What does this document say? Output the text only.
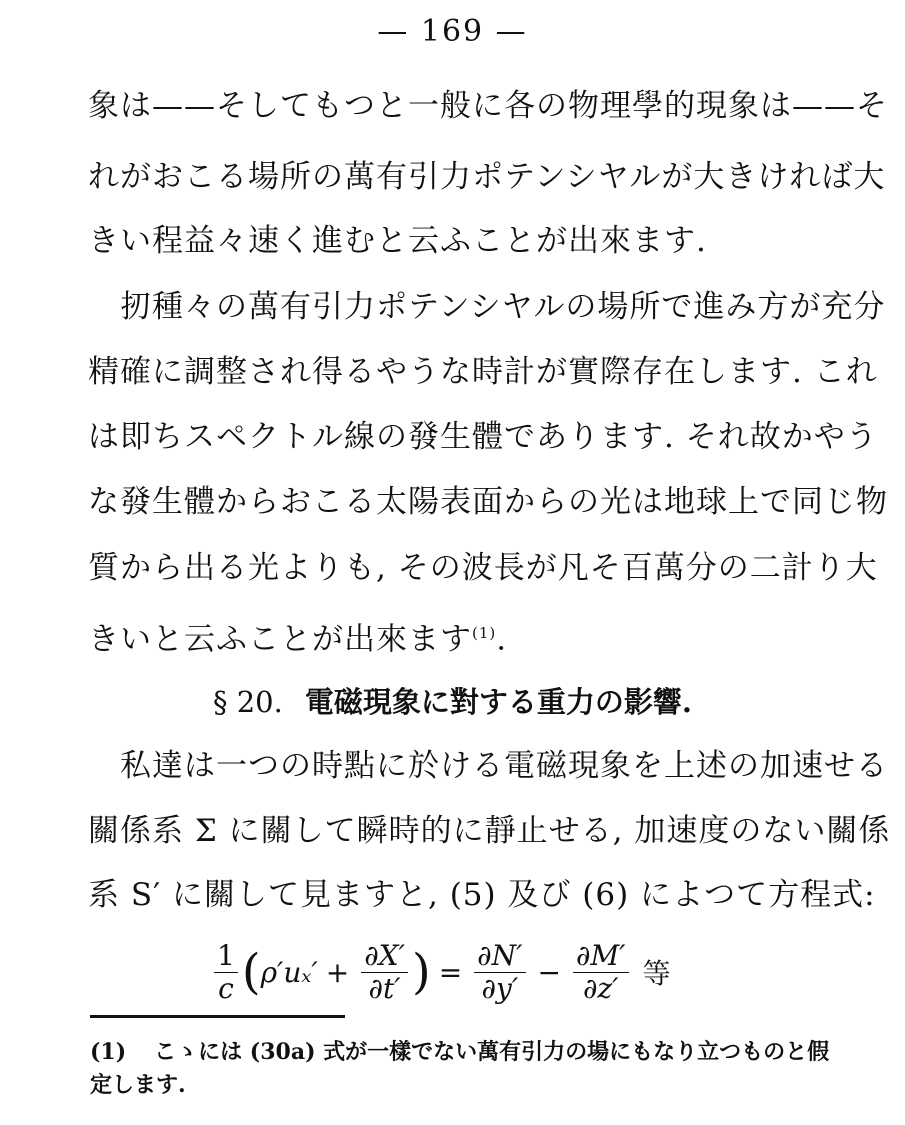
— 169 —
象は——そしてもつと一般に各の物理學的現象は——そ
れがおこる場所の萬有引力ポテンシヤルが大きければ大
きい程益々速く進むと云ふことが出來ます.
扨種々の萬有引力ポテンシヤルの場所で進み方が充分
精確に調整され得るやうな時計が實際存在します. これ
は即ちスペクトル線の發生體であります. それ故かやう
な發生體からおこる太陽表面からの光は地球上で同じ物
質から出る光よりも, その波長が凡そ百萬分の二計り大
きいと云ふことが出來ます$^{(1)}$.
§ 20. 電磁現象に對する重力の影響.
私達は一つの時點に於ける電磁現象を上述の加速せる
關係系 Σ に關して瞬時的に靜止せる, 加速度のない關係
系 S′ に關して見ますと, (5) 及び (6) によつて方程式:
$\frac{1}{c}$ ( $\rho'u_x' + \frac{\partial X'}{\partial t'}$ ) = $\frac{\partial N'}{\partial y'} - \frac{\partial M'}{\partial z'}$ 等
(1) こゝには (30a) 式が一樣でない萬有引力の場にもなり立つものと假
定します.
